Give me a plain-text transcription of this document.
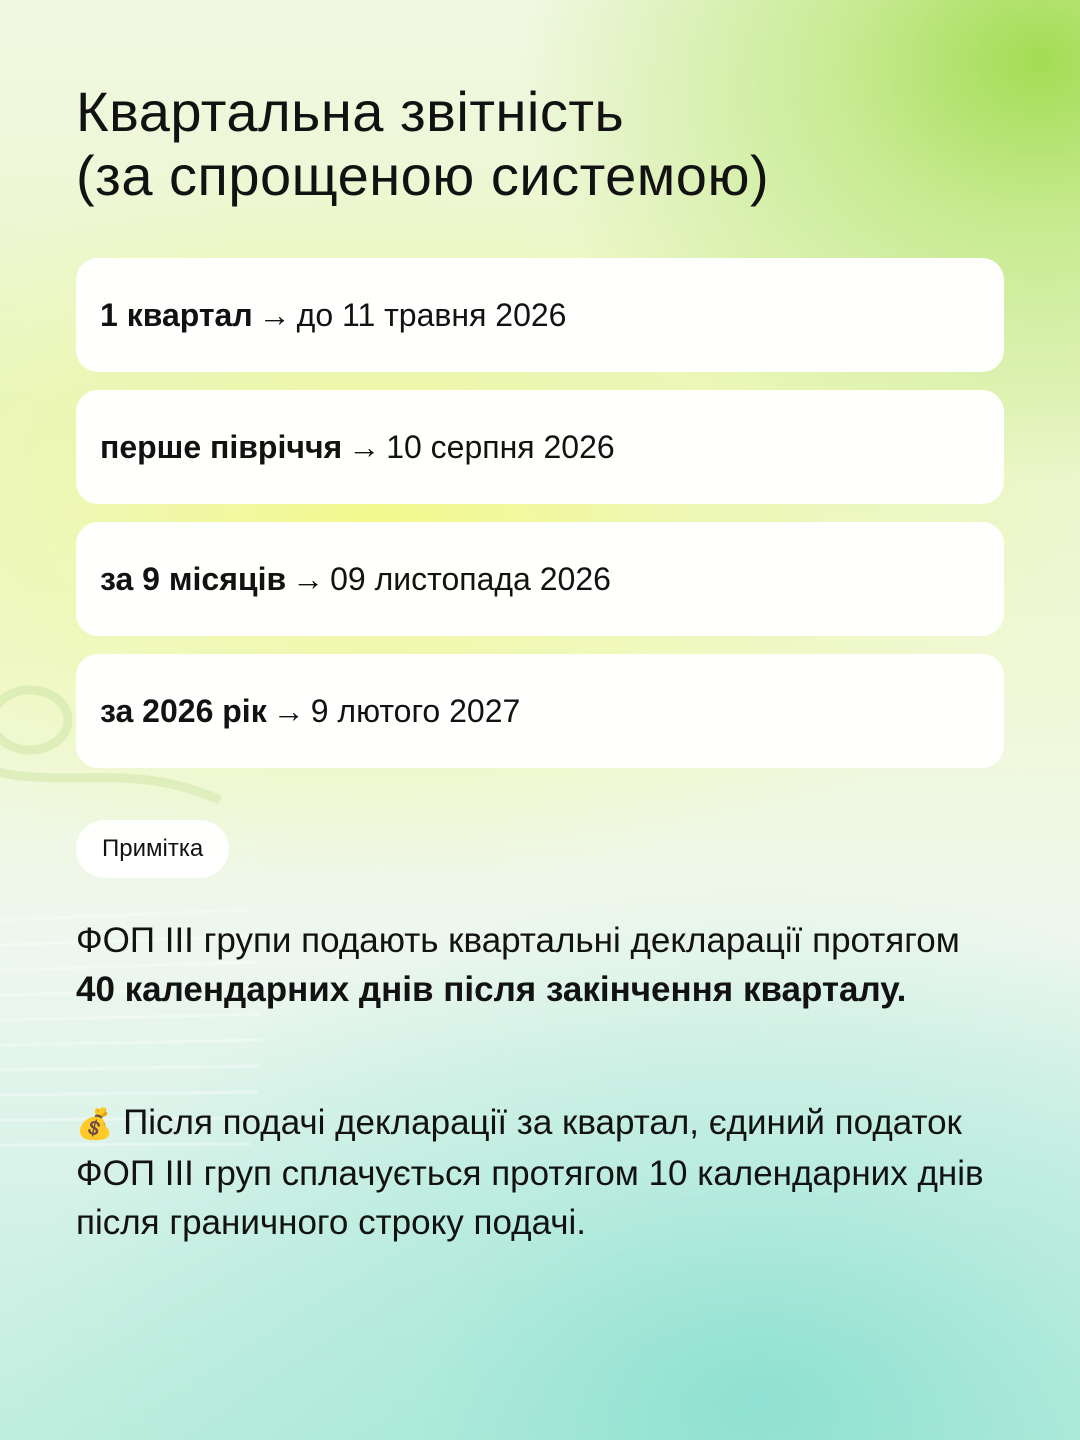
Квартальна звітність
(за спрощеною системою)
1 квартал → до 11 травня 2026
перше півріччя → 10 серпня 2026
за 9 місяців → 09 листопада 2026
за 2026 рік → 9 лютого 2027
Примітка

ФОП ІІІ групи подають квартальні декларації протягом 40 календарних днів після закінчення кварталу.

💰 Після подачі декларації за квартал, єдиний податок ФОП ІІІ груп сплачується протягом 10 календарних днів після граничного строку подачі.
